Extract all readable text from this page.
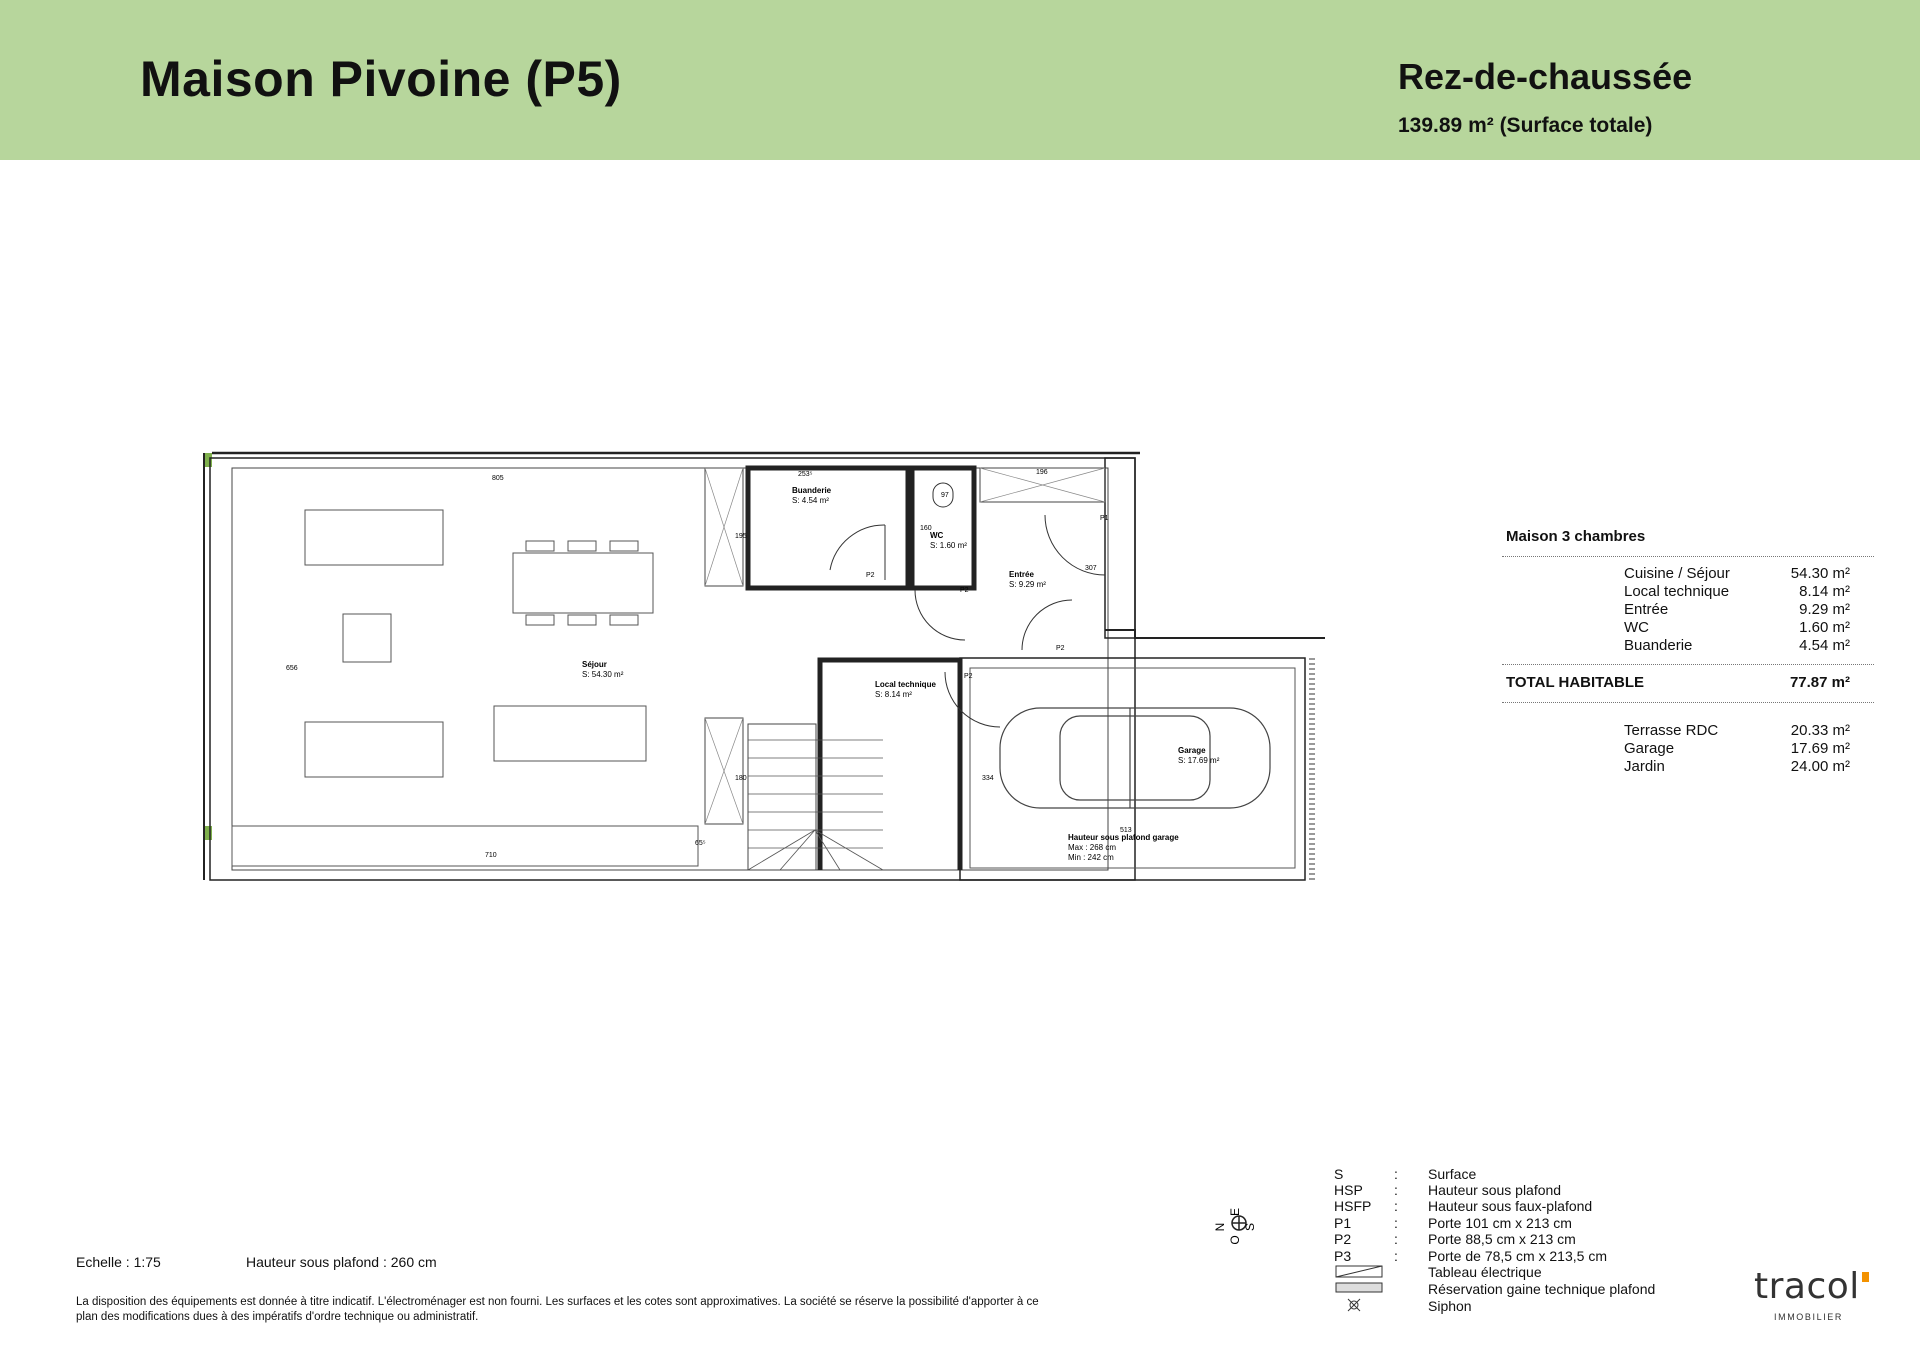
Maison Pivoine (P5)	Rez-de-chaussée
139.89 m² (Surface totale)
Séjour
S: 54.30 m²
Buanderie
S: 4.54 m²
WC
S: 1.60 m²
Entrée
S: 9.29 m²
Local technique
S: 8.14 m²
Garage
S: 17.69 m²
Hauteur sous plafond garage
Max : 268 cm
Min : 242 cm
805
253⁵	196
97
160
195
307
656
180	334
710
65⁵
513
P1
P2
P2
P2
P2
Maison 3 chambres
Cuisine / Séjour	54.30 m²
Local technique	8.14 m²
Entrée	9.29 m²
WC	1.60 m²
Buanderie	4.54 m²
TOTAL HABITABLE	77.87 m²
Terrasse RDC	20.33 m²
Garage	17.69 m²
Jardin	24.00 m²
E
S
N
O
S	: Surface
HSP : Hauteur sous plafond
HSFP : Hauteur sous faux-plafond
P1	: Porte 101 cm x 213 cm
P2	: Porte 88,5 cm x 213 cm
P3	: Porte de 78,5 cm x 213,5 cm
Tableau électrique
Réservation gaine technique plafond
Siphon
Echelle : 1:75	Hauteur sous plafond : 260 cm
La disposition des équipements est donnée à titre indicatif. L'électroménager est non fourni. Les surfaces et les cotes sont approximatives. La société se réserve la possibilité d'apporter à ce plan des modifications dues à des impératifs d'ordre technique ou administratif.
tracol
IMMOBILIER
